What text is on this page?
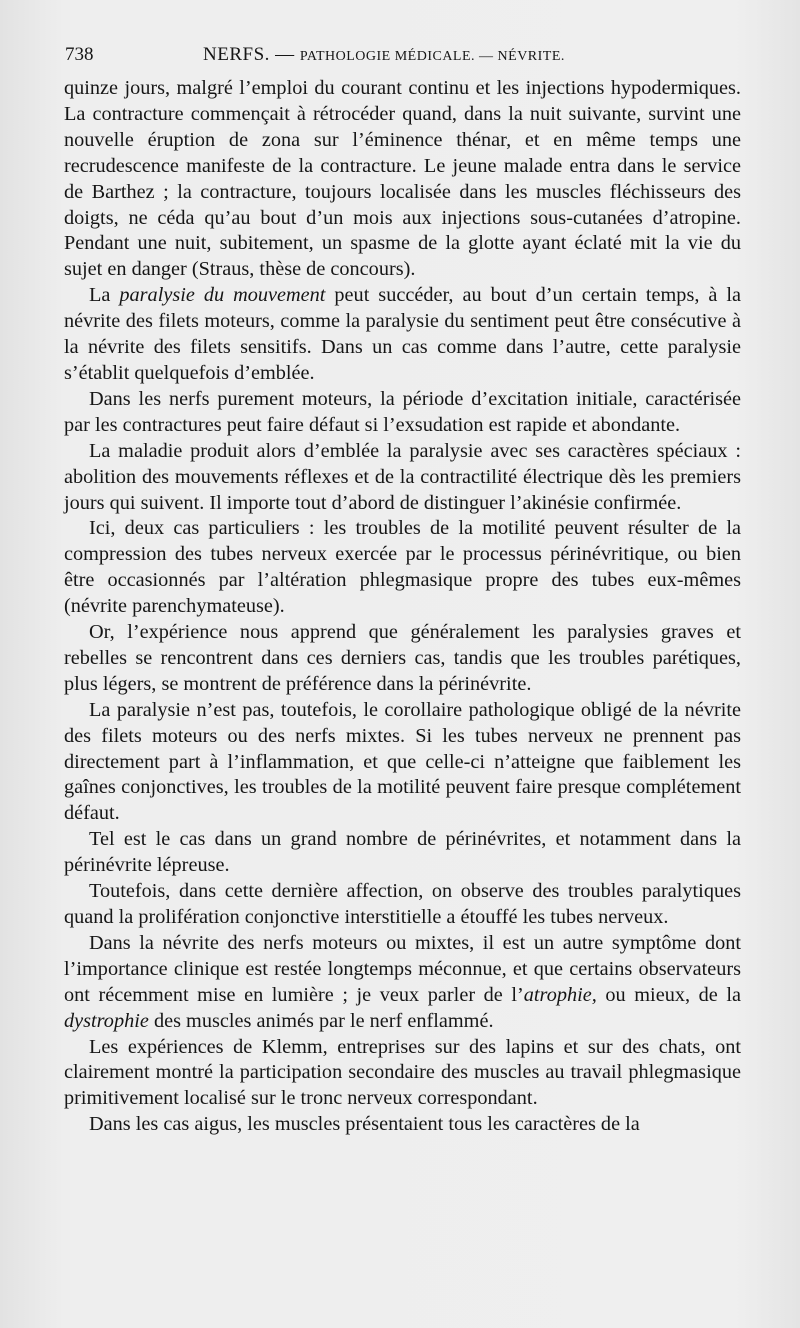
738	NERFS. — PATHOLOGIE MÉDICALE. — NÉVRITE.

quinze jours, malgré l’emploi du courant continu et les injections hypodermiques. La contracture commençait à rétrocéder quand, dans la nuit suivante, survint une nouvelle éruption de zona sur l’éminence thénar, et en même temps une recrudescence manifeste de la contracture. Le jeune malade entra dans le service de Barthez ; la contracture, toujours localisée dans les muscles fléchisseurs des doigts, ne céda qu’au bout d’un mois aux injections sous-cutanées d’atropine. Pendant une nuit, subitement, un spasme de la glotte ayant éclaté mit la vie du sujet en danger (Straus, thèse de concours).

La paralysie du mouvement peut succéder, au bout d’un certain temps, à la névrite des filets moteurs, comme la paralysie du sentiment peut être consécutive à la névrite des filets sensitifs. Dans un cas comme dans l’autre, cette paralysie s’établit quelquefois d’emblée.

Dans les nerfs purement moteurs, la période d’excitation initiale, caractérisée par les contractures peut faire défaut si l’exsudation est rapide et abondante.

La maladie produit alors d’emblée la paralysie avec ses caractères spéciaux : abolition des mouvements réflexes et de la contractilité électrique dès les premiers jours qui suivent. Il importe tout d’abord de distinguer l’akinésie confirmée.

Ici, deux cas particuliers : les troubles de la motilité peuvent résulter de la compression des tubes nerveux exercée par le processus périnévritique, ou bien être occasionnés par l’altération phlegmasique propre des tubes eux-mêmes (névrite parenchymateuse).

Or, l’expérience nous apprend que généralement les paralysies graves et rebelles se rencontrent dans ces derniers cas, tandis que les troubles parétiques, plus légers, se montrent de préférence dans la périnévrite.

La paralysie n’est pas, toutefois, le corollaire pathologique obligé de la névrite des filets moteurs ou des nerfs mixtes. Si les tubes nerveux ne prennent pas directement part à l’inflammation, et que celle-ci n’atteigne que faiblement les gaînes conjonctives, les troubles de la motilité peuvent faire presque complétement défaut.

Tel est le cas dans un grand nombre de périnévrites, et notamment dans la périnévrite lépreuse.

Toutefois, dans cette dernière affection, on observe des troubles paralytiques quand la prolifération conjonctive interstitielle a étouffé les tubes nerveux.

Dans la névrite des nerfs moteurs ou mixtes, il est un autre symptôme dont l’importance clinique est restée longtemps méconnue, et que certains observateurs ont récemment mise en lumière ; je veux parler de l’atrophie, ou mieux, de la dystrophie des muscles animés par le nerf enflammé.

Les expériences de Klemm, entreprises sur des lapins et sur des chats, ont clairement montré la participation secondaire des muscles au travail phlegmasique primitivement localisé sur le tronc nerveux correspondant.

Dans les cas aigus, les muscles présentaient tous les caractères de la
